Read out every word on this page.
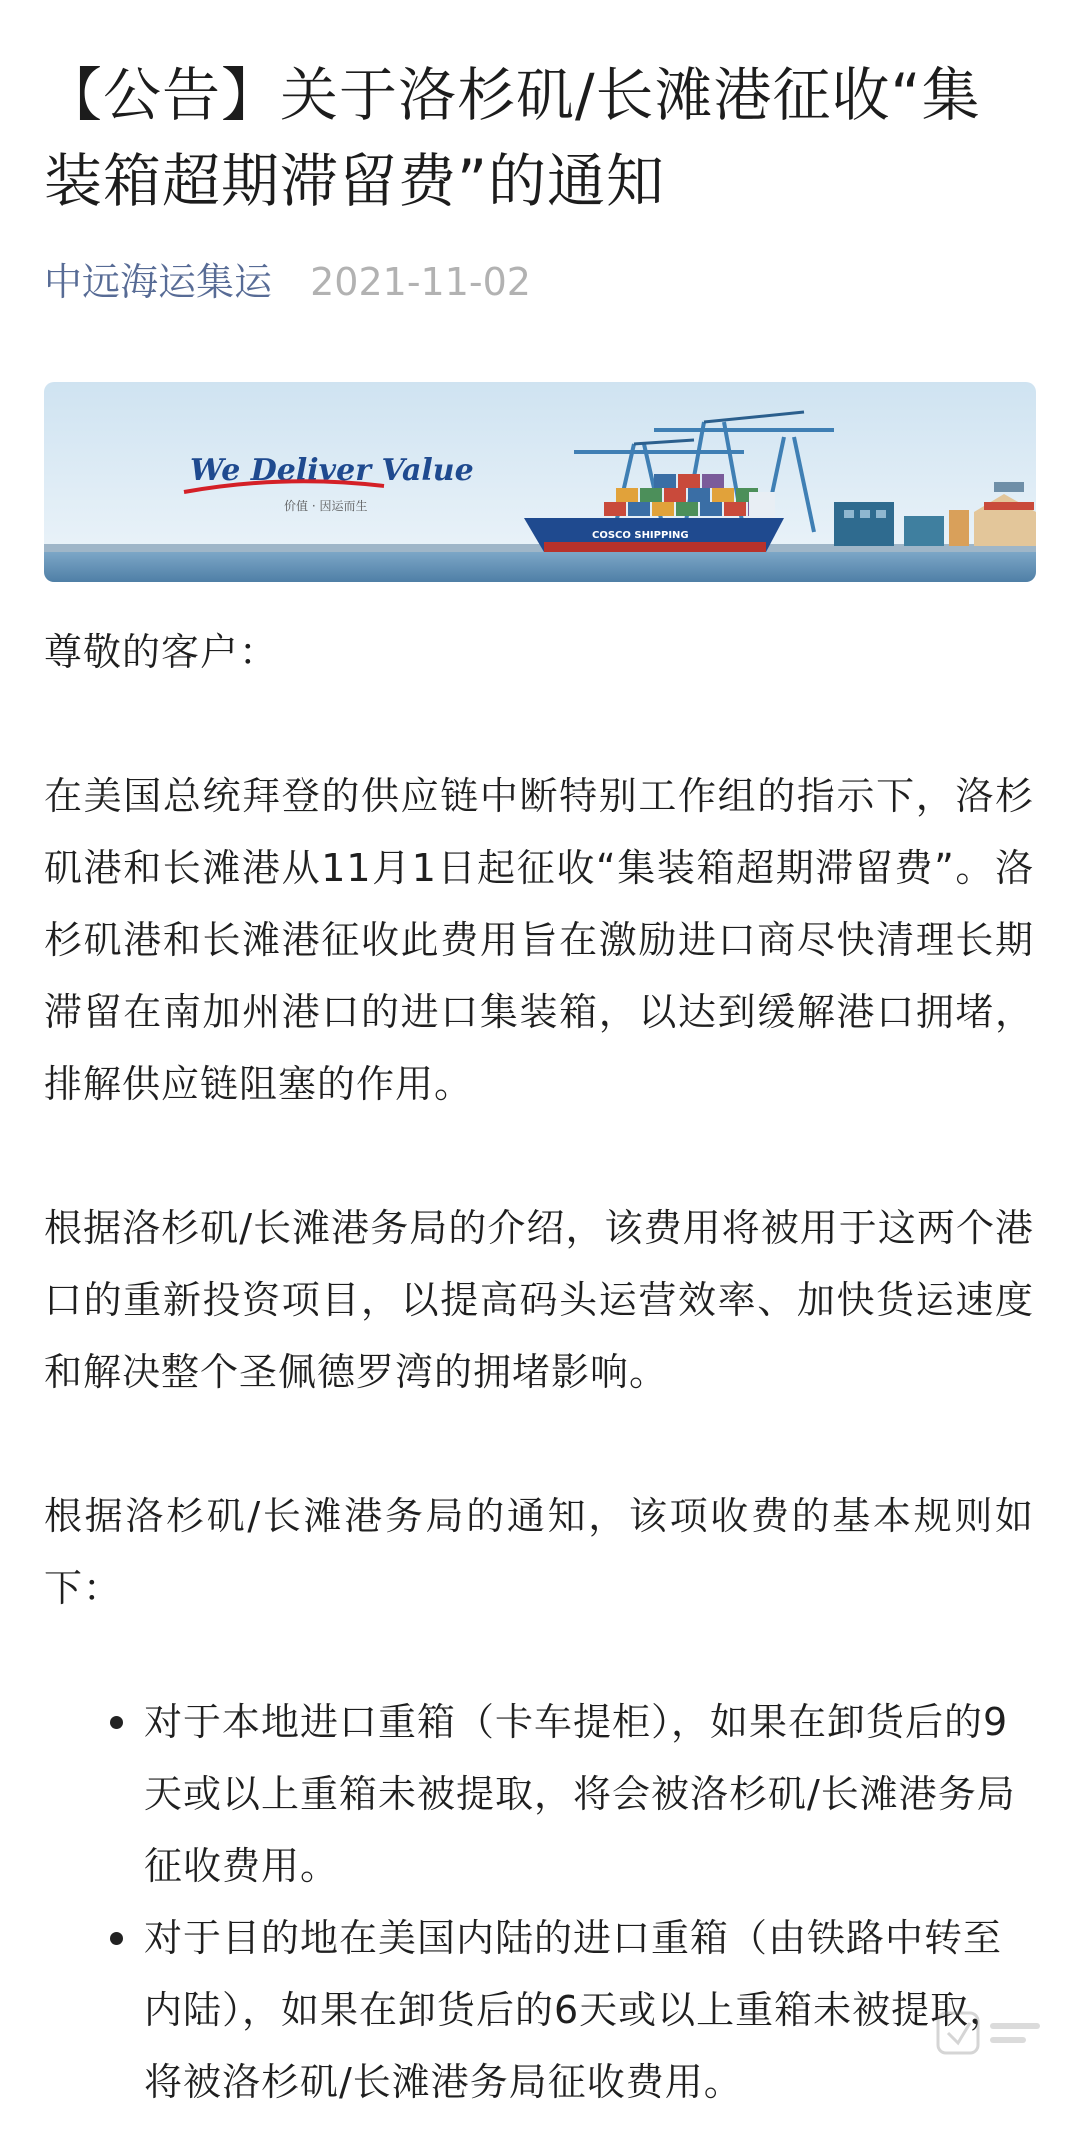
【公告】关于洛杉矶/长滩港征收“集装箱超期滞留费”的通知
中远海运集运 2021-11-02
We Deliver Value
价值 · 因运而生
COSCO SHIPPING

尊敬的客户：

在美国总统拜登的供应链中断特别工作组的指示下，洛杉矶港和长滩港从11月1日起征收“集装箱超期滞留费”。洛杉矶港和长滩港征收此费用旨在激励进口商尽快清理长期滞留在南加州港口的进口集装箱，以达到缓解港口拥堵，排解供应链阻塞的作用。

根据洛杉矶/长滩港务局的介绍，该费用将被用于这两个港口的重新投资项目，以提高码头运营效率、加快货运速度和解决整个圣佩德罗湾的拥堵影响。

根据洛杉矶/长滩港务局的通知，该项收费的基本规则如下：

对于本地进口重箱（卡车提柜），如果在卸货后的9天或以上重箱未被提取，将会被洛杉矶/长滩港务局征收费用。
对于目的地在美国内陆的进口重箱（由铁路中转至内陆），如果在卸货后的6天或以上重箱未被提取，将被洛杉矶/长滩港务局征收费用。
